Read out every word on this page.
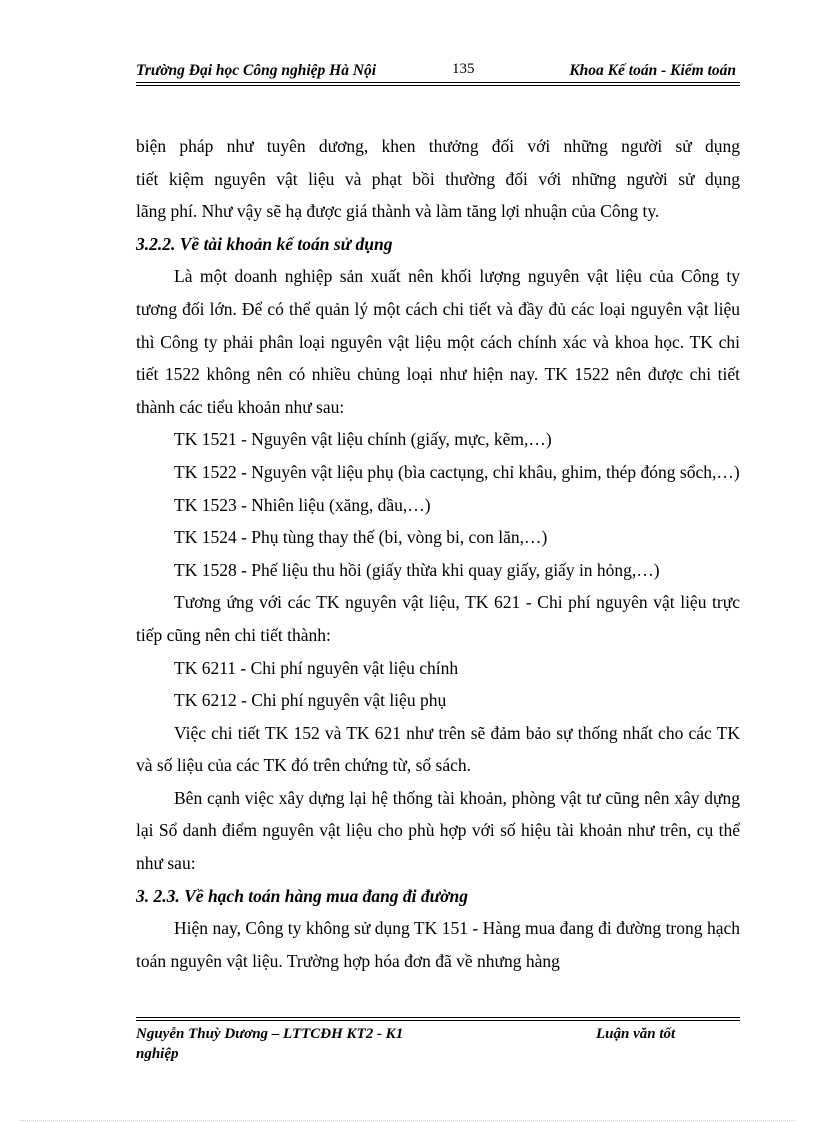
Trường Đại học Công nghiệp Hà Nội	135	Khoa Kế toán - Kiểm toán

biện pháp như tuyên dương, khen thưởng đối với những người sử dụng

tiết kiệm nguyên vật liệu và phạt bồi thường đối với những người sử dụng

lãng phí. Như vậy sẽ hạ được giá thành và làm tăng lợi nhuận của Công ty.

3.2.2. Về tài khoản kế toán sử dụng

Là một doanh nghiệp sản xuất nên khối lượng nguyên vật liệu của Công ty tương đối lớn. Để có thể quản lý một cách chi tiết và đầy đủ các loại nguyên vật liệu thì Công ty phải phân loại nguyên vật liệu một cách chính xác và khoa học. TK chi tiết 1522 không nên có nhiều chủng loại như hiện nay. TK 1522 nên được chi tiết thành các tiểu khoản như sau:

TK 1521 - Nguyên vật liệu chính (giấy, mực, kẽm,…)

TK 1522 - Nguyên vật liệu phụ (bìa cactụng, chỉ khâu, ghim, thép đóng sổch,…)

TK 1523 - Nhiên liệu (xăng, dầu,…)

TK 1524 - Phụ tùng thay thế (bi, vòng bi, con lăn,…)

TK 1528 - Phế liệu thu hồi (giấy thừa khi quay giấy, giấy in hỏng,…)

Tương ứng với các TK nguyên vật liệu, TK 621 - Chi phí nguyên vật liệu trực tiếp cũng nên chi tiết thành:

TK 6211 - Chi phí nguyên vật liệu chính

TK 6212 - Chi phí nguyên vật liệu phụ

Việc chi tiết TK 152 và TK 621 như trên sẽ đảm bảo sự thống nhất cho các TK và số liệu của các TK đó trên chứng từ, sổ sách.

Bên cạnh việc xây dựng lại hệ thống tài khoản, phòng vật tư cũng nên xây dựng lại Sổ danh điểm nguyên vật liệu cho phù hợp với số hiệu tài khoản như trên, cụ thể như sau:

3. 2.3. Về hạch toán hàng mua đang đi đường

Hiện nay, Công ty không sử dụng TK 151 - Hàng mua đang đi đường trong hạch toán nguyên vật liệu. Trường hợp hóa đơn đã về nhưng hàng

Nguyễn Thuỳ Dương – LTTCĐH KT2 - K1	Luận văn tốt
nghiệp
